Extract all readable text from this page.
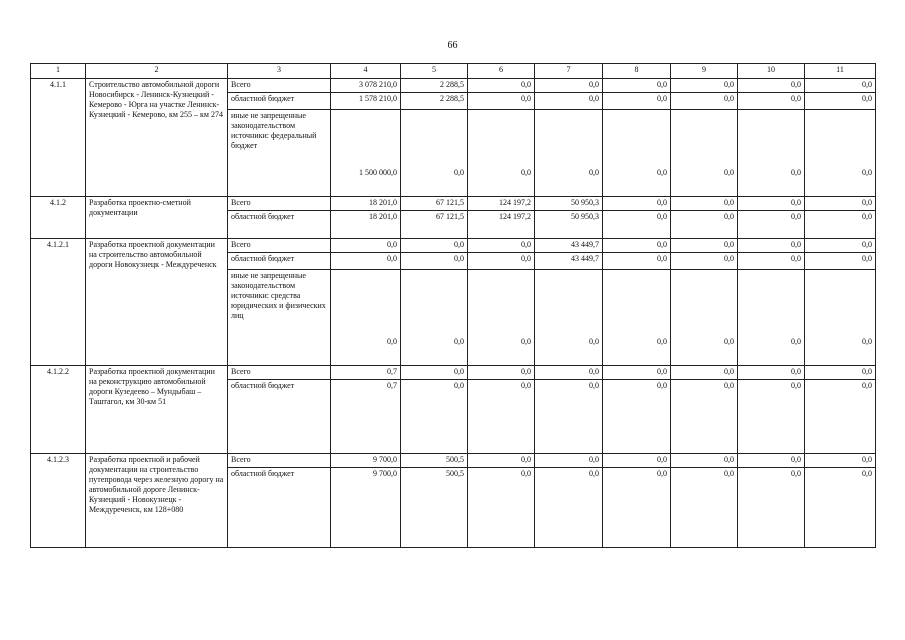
66
1	2	3	4	5	6	7	8	9	10	11
4.1.1	Строительство автомобильной дороги Новосибирск - Ленинск-Кузнецкий - Кемерово - Юрга на участке Ленинск-Кузнецкий - Кемерово, км 255 – км 274	Всего	3 078 210,0	2 288,5	0,0	0,0	0,0	0,0	0,0	0,0
		областной бюджет	1 578 210,0	2 288,5	0,0	0,0	0,0	0,0	0,0	0,0
		иные не запрещенные законодательством источники: федеральный бюджет	1 500 000,0	0,0	0,0	0,0	0,0	0,0	0,0	0,0
4.1.2	Разработка проектно-сметной документации	Всего	18 201,0	67 121,5	124 197,2	50 950,3	0,0	0,0	0,0	0,0
		областной бюджет	18 201,0	67 121,5	124 197,2	50 950,3	0,0	0,0	0,0	0,0
4.1.2.1	Разработка проектной документации на строительство автомобильной дороги Новокузнецк - Междуреченск	Всего	0,0	0,0	0,0	43 449,7	0,0	0,0	0,0	0,0
		областной бюджет	0,0	0,0	0,0	43 449,7	0,0	0,0	0,0	0,0
		иные не запрещенные законодательством источники: средства юридических и физических лиц	0,0	0,0	0,0	0,0	0,0	0,0	0,0	0,0
4.1.2.2	Разработка проектной документации на реконструкцию автомобильной дороги Кузедеево – Мундыбаш – Таштагол, км 30-км 51	Всего	0,7	0,0	0,0	0,0	0,0	0,0	0,0	0,0
		областной бюджет	0,7	0,0	0,0	0,0	0,0	0,0	0,0	0,0
4.1.2.3	Разработка проектной и рабочей документации на строительство путепровода через железную дорогу на автомобильной дороге Ленинск-Кузнецкий - Новокузнецк - Междуреченск, км 128+080	Всего	9 700,0	500,5	0,0	0,0	0,0	0,0	0,0	0,0
		областной бюджет	9 700,0	500,5	0,0	0,0	0,0	0,0	0,0	0,0
